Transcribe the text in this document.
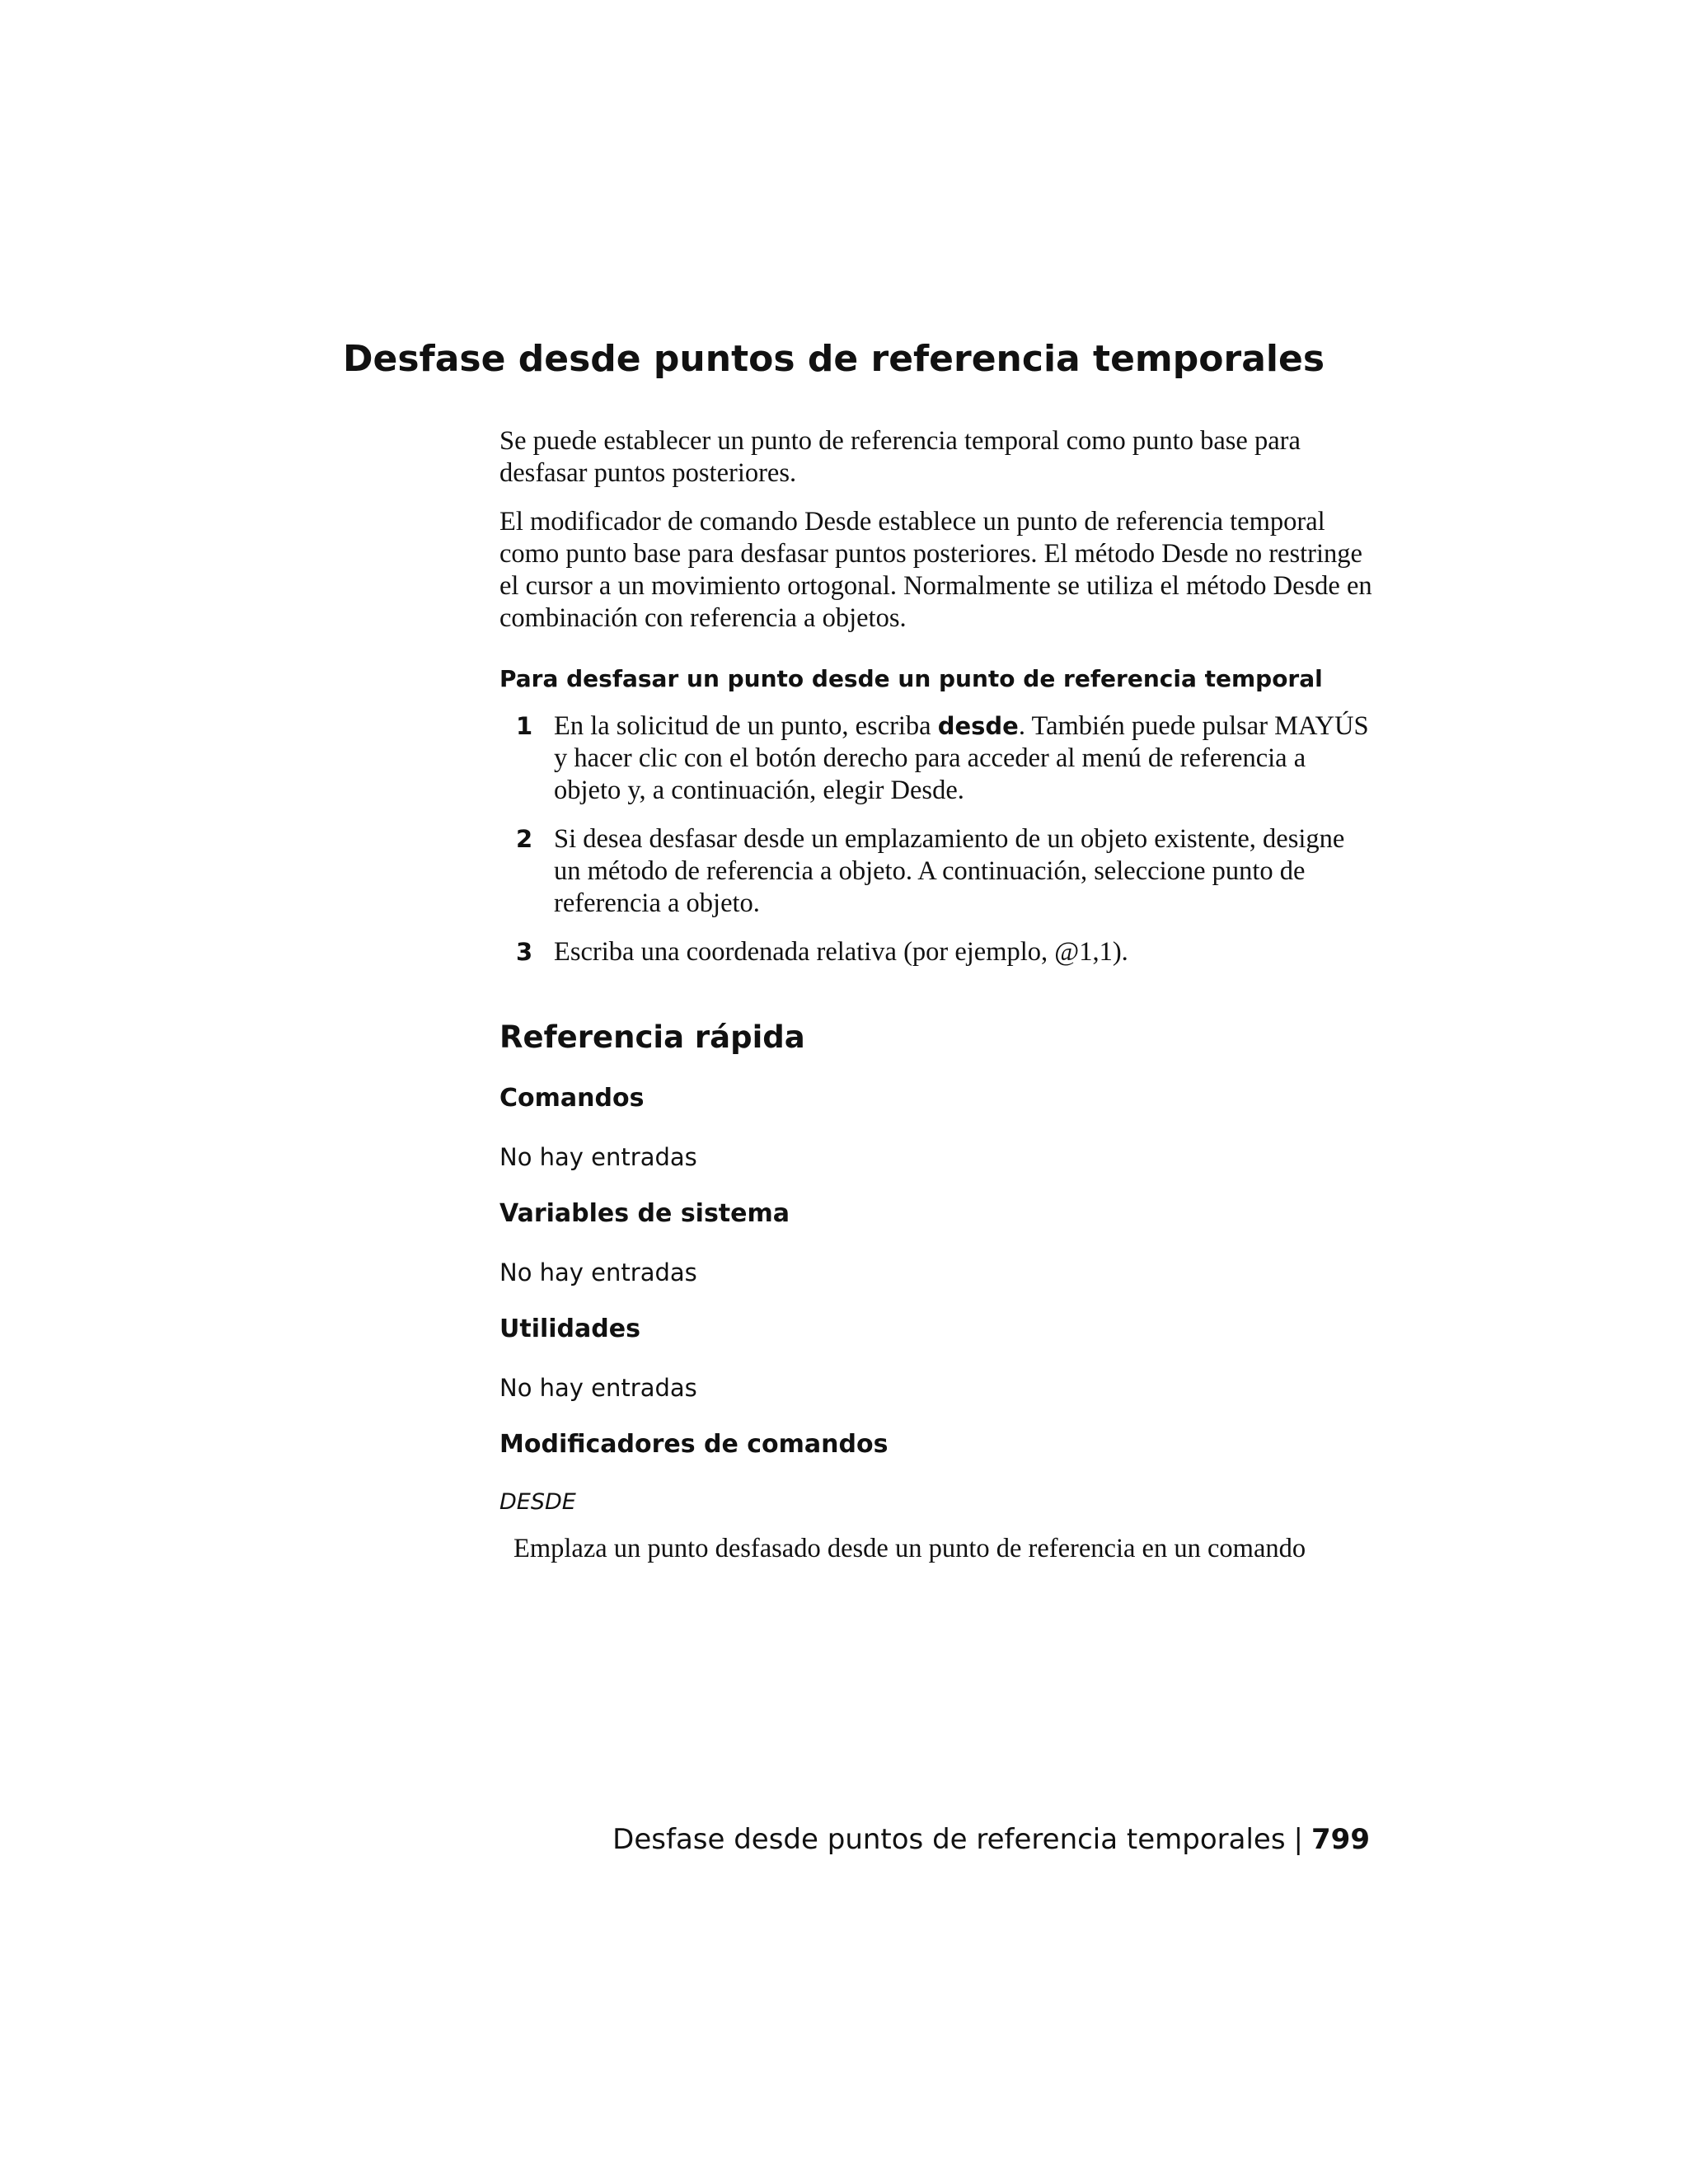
Desfase desde puntos de referencia temporales

Se puede establecer un punto de referencia temporal como punto base para desfasar puntos posteriores.

El modificador de comando Desde establece un punto de referencia temporal como punto base para desfasar puntos posteriores. El método Desde no restringe el cursor a un movimiento ortogonal. Normalmente se utiliza el método Desde en combinación con referencia a objetos.

Para desfasar un punto desde un punto de referencia temporal
1 En la solicitud de un punto, escriba desde. También puede pulsar MAYÚS y hacer clic con el botón derecho para acceder al menú de referencia a objeto y, a continuación, elegir Desde.
2 Si desea desfasar desde un emplazamiento de un objeto existente, designe un método de referencia a objeto. A continuación, seleccione punto de referencia a objeto.
3 Escriba una coordenada relativa (por ejemplo, @1,1).
Referencia rápida
Comandos
No hay entradas
Variables de sistema
No hay entradas
Utilidades
No hay entradas
Modificadores de comandos
DESDE
Emplaza un punto desfasado desde un punto de referencia en un comando
Desfase desde puntos de referencia temporales | 799
